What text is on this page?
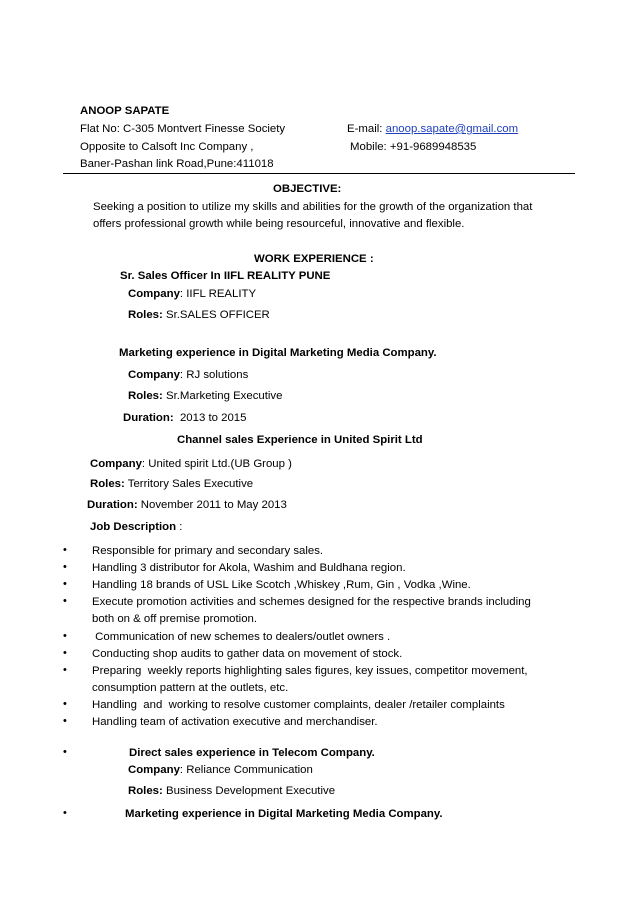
ANOOP SAPATE
Flat No: C-305 Montvert Finesse Society
Opposite to Calsoft Inc Company ,
Baner-Pashan link Road,Pune:411018
E-mail: anoop.sapate@gmail.com
Mobile: +91-9689948535
OBJECTIVE:
Seeking a position to utilize my skills and abilities for the growth of the organization that
offers professional growth while being resourceful, innovative and flexible.
WORK EXPERIENCE :
Sr. Sales Officer In IIFL REALITY PUNE
Company: IIFL REALITY
Roles: Sr.SALES OFFICER
Marketing experience in Digital Marketing Media Company.
Company: RJ solutions
Roles: Sr.Marketing Executive
Duration:  2013 to 2015
Channel sales Experience in United Spirit Ltd
Company: United spirit Ltd.(UB Group )
Roles: Territory Sales Executive
Duration: November 2011 to May 2013
Job Description :
• Responsible for primary and secondary sales.
• Handling 3 distributor for Akola, Washim and Buldhana region.
• Handling 18 brands of USL Like Scotch ,Whiskey ,Rum, Gin , Vodka ,Wine.
• Execute promotion activities and schemes designed for the respective brands including
both on & off premise promotion.
• Communication of new schemes to dealers/outlet owners .
• Conducting shop audits to gather data on movement of stock.
• Preparing  weekly reports highlighting sales figures, key issues, competitor movement,
consumption pattern at the outlets, etc.
• Handling  and  working to resolve customer complaints, dealer /retailer complaints
• Handling team of activation executive and merchandiser.
•	Direct sales experience in Telecom Company.
Company: Reliance Communication
Roles: Business Development Executive
•	Marketing experience in Digital Marketing Media Company.
